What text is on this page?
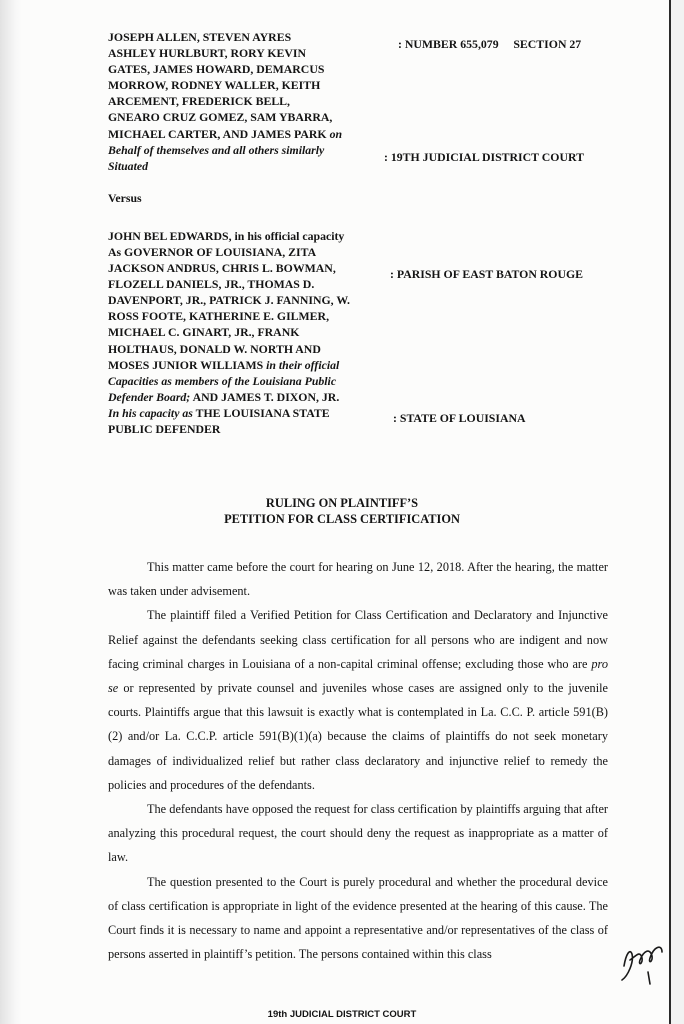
JOSEPH ALLEN, STEVEN AYRES
ASHLEY HURLBURT, RORY KEVIN
GATES, JAMES HOWARD, DEMARCUS
MORROW, RODNEY WALLER, KEITH
ARCEMENT, FREDERICK BELL,
GNEARO CRUZ GOMEZ, SAM YBARRA,
MICHAEL CARTER, AND JAMES PARK on
Behalf of themselves and all others similarly
Situated
JOHN BEL EDWARDS, in his official capacity
As GOVERNOR OF LOUISIANA, ZITA
JACKSON ANDRUS, CHRIS L. BOWMAN,
FLOZELL DANIELS, JR., THOMAS D.
DAVENPORT, JR., PATRICK J. FANNING, W.
ROSS FOOTE, KATHERINE E. GILMER,
MICHAEL C. GINART, JR., FRANK
HOLTHAUS, DONALD W. NORTH AND
MOSES JUNIOR WILLIAMS in their official
Capacities as members of the Louisiana Public
Defender Board; AND JAMES T. DIXON, JR.
In his capacity as THE LOUISIANA STATE
PUBLIC DEFENDER
: NUMBER 655,079 SECTION 27
: 19TH JUDICIAL DISTRICT COURT
Versus
: PARISH OF EAST BATON ROUGE
: STATE OF LOUISIANA
RULING ON PLAINTIFF’S
PETITION FOR CLASS CERTIFICATION

This matter came before the court for hearing on June 12, 2018. After the hearing, the matter was taken under advisement.

The plaintiff filed a Verified Petition for Class Certification and Declaratory and Injunctive Relief against the defendants seeking class certification for all persons who are indigent and now facing criminal charges in Louisiana of a non-capital criminal offense; excluding those who are pro se or represented by private counsel and juveniles whose cases are assigned only to the juvenile courts. Plaintiffs argue that this lawsuit is exactly what is contemplated in La. C.C. P. article 591(B)(2) and/or La. C.C.P. article 591(B)(1)(a) because the claims of plaintiffs do not seek monetary damages of individualized relief but rather class declaratory and injunctive relief to remedy the policies and procedures of the defendants.

The defendants have opposed the request for class certification by plaintiffs arguing that after analyzing this procedural request, the court should deny the request as inappropriate as a matter of law.

The question presented to the Court is purely procedural and whether the procedural device of class certification is appropriate in light of the evidence presented at the hearing of this cause. The Court finds it is necessary to name and appoint a representative and/or representatives of the class of persons asserted in plaintiff’s petition. The persons contained within this class

19th JUDICIAL DISTRICT COURT
